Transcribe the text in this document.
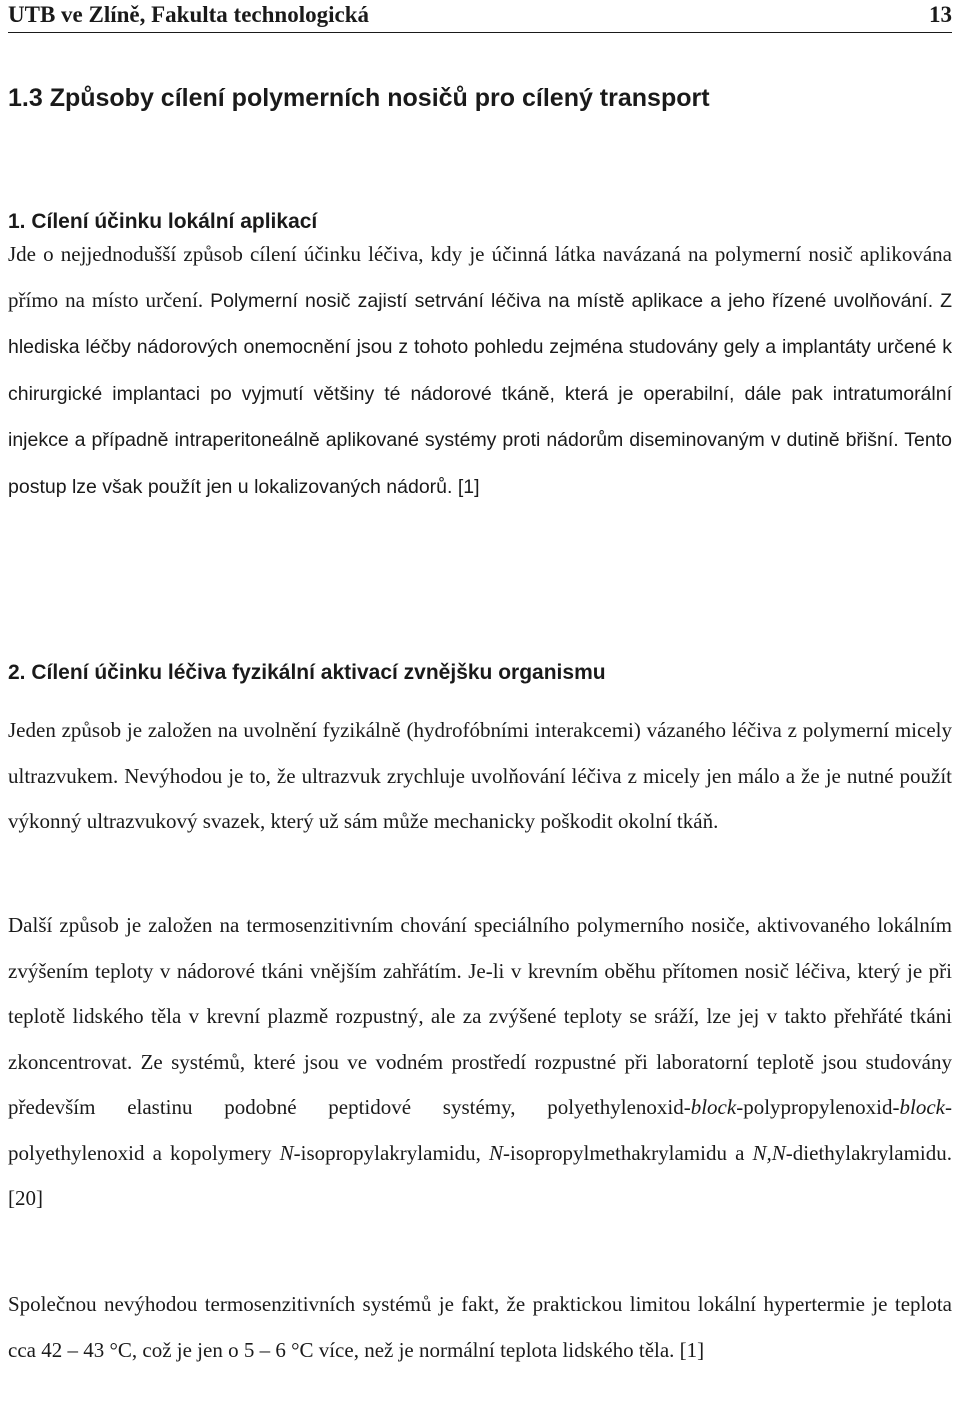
UTB ve Zlíně, Fakulta technologická	13
1.3 Způsoby cílení polymerních nosičů pro cílený transport
1. Cílení účinku lokální aplikací

Jde o nejjednodušší způsob cílení účinku léčiva, kdy je účinná látka navázaná na polymerní nosič aplikována přímo na místo určení. Polymerní nosič zajistí setrvání léčiva na místě aplikace a jeho řízené uvolňování. Z hlediska léčby nádorových onemocnění jsou z tohoto pohledu zejména studovány gely a implantáty určené k chirurgické implantaci po vyjmutí většiny té nádorové tkáně, která je operabilní, dále pak intratumorální injekce a případně intraperitoneálně aplikované systémy proti nádorům diseminovaným v dutině břišní. Tento postup lze však použít jen u lokalizovaných nádorů. [1]

2. Cílení účinku léčiva fyzikální aktivací zvnějšku organismu

Jeden způsob je založen na uvolnění fyzikálně (hydrofóbními interakcemi) vázaného léčiva z polymerní micely ultrazvukem. Nevýhodou je to, že ultrazvuk zrychluje uvolňování léčiva z micely jen málo a že je nutné použít výkonný ultrazvukový svazek, který už sám může mechanicky poškodit okolní tkáň.

Další způsob je založen na termosenzitivním chování speciálního polymerního nosiče, aktivovaného lokálním zvýšením teploty v nádorové tkáni vnějším zahřátím. Je-li v krevním oběhu přítomen nosič léčiva, který je při teplotě lidského těla v krevní plazmě rozpustný, ale za zvýšené teploty se sráží, lze jej v takto přehřáté tkáni zkoncentrovat. Ze systémů, které jsou ve vodném prostředí rozpustné při laboratorní teplotě jsou studovány především elastinu podobné peptidové systémy, polyethylenoxid-block-polypropylenoxid-block-polyethylenoxid a kopolymery N-isopropylakrylamidu, N-isopropylmethakrylamidu a N,N-diethylakrylamidu. [20]

Společnou nevýhodou termosenzitivních systémů je fakt, že praktickou limitou lokální hypertermie je teplota cca 42 – 43 °C, což je jen o 5 – 6 °C více, než je normální teplota lidského těla. [1]
